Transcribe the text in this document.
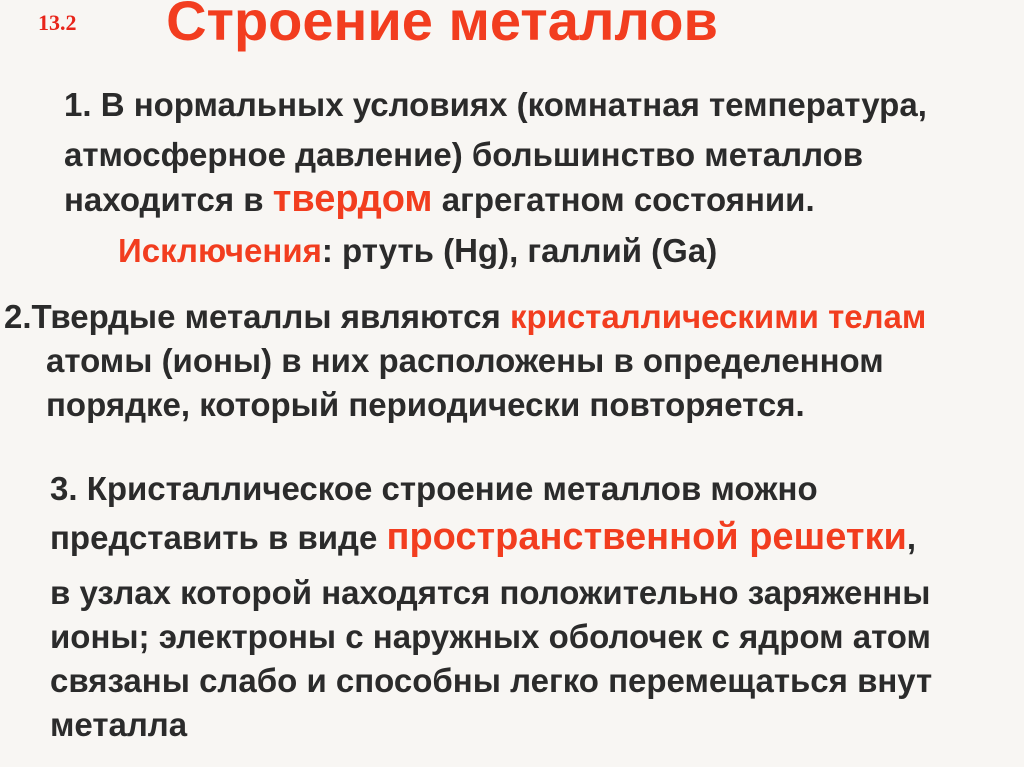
13.2	Строение металлов
1. В нормальных условиях (комнатная температура,
атмосферное давление) большинство металлов
находится в твердом агрегатном состоянии.
Исключения: ртуть (Hg), галлий (Ga)
2.Твердые металлы являются кристаллическими телам
атомы (ионы) в них расположены в определенном
порядке, который периодически повторяется.
3. Кристаллическое строение металлов можно
представить в виде пространственной решетки,
в узлах которой находятся положительно заряженны
ионы; электроны с наружных оболочек с ядром атом
связаны слабо и способны легко перемещаться внут
металла
